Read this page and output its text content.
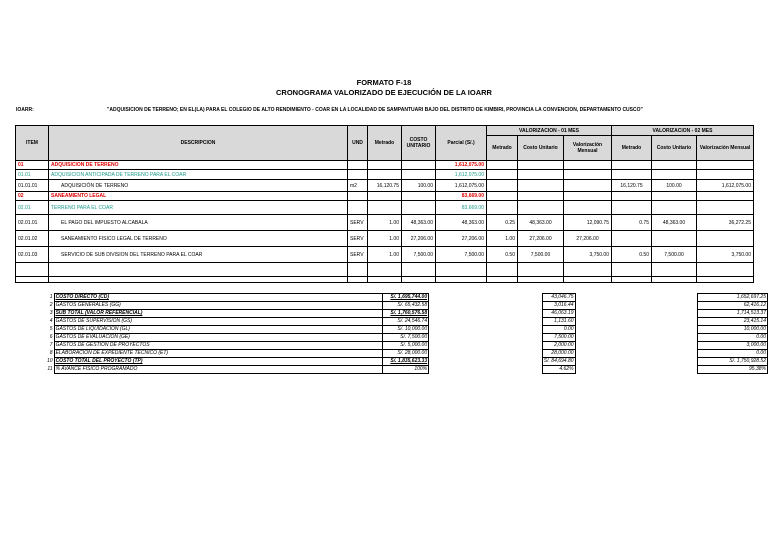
FORMATO F-18
CRONOGRAMA VALORIZADO DE EJECUCIÓN DE LA IOARR
IOARR:	"ADQUISICION DE TERRENO; EN EL(LA) PARA EL COLEGIO DE ALTO RENDIMIENTO - COAR EN LA LOCALIDAD DE SAMPANTUARI BAJO DEL DISTRITO DE KIMBIRI, PROVINCIA LA CONVENCION, DEPARTAMENTO CUSCO"
ITEM	DESCRIPCION	UND	Metrado	COSTO UNITARIO	Parcial (S/.)	VALORIZACION - 01 MES			VALORIZACION - 02 MES		
						Metrado	Costo Unitario	Valorización Mensual	Metrado	Costo Unitario	Valorización Mensual
01	ADQUISICION DE TERRENO				1,612,075.00						
01.01	ADQUISICION ANTICIPADA DE TERRENO PARA EL COAR				1,612,075.00						
01.01.01	ADQUISICIÓN DE TERRENO	m2	16,120.75	100.00	1,612,075.00				16,120.75	100.00	1,612,075.00
02	SANEAMIENTO LEGAL				83,669.00						
02.01	TERRENO PARA EL COAR				83,669.00						
02.01.01	EL PAGO DEL IMPUESTO ALCABALA	SERV	1.00	48,363.00	48,363.00	0.25	48,363.00	12,090.75	0.75	48,363.00	36,272.25
02.01.02	SANEAMIENTO FISICO LEGAL DE TERRENO	SERV	1.00	27,206.00	27,206.00	1.00	27,206.00	27,206.00			
02.01.03	SERVICIO DE SUB DIVISION DEL TERRENO PARA EL COAR	SERV	1.00	7,500.00	7,500.00	0.50	7,500.00	3,750.00	0.50	7,500.00	3,750.00

1	COSTO DIRECTO (CD)	S/. 1,695,744.00		43,046.75		1,652,697.25
2	GASTOS GENERALES (GG)	S/. 65,432.58		3,016.44		62,416.12
3	SUB TOTAL (VALOR REFERENCIAL)	S/. 1,760,576.58		46,063.19		1,714,513.37
4	GASTOS DE SUPERVISION (GS)	S/. 24,546.74		1,131.60		23,415.14
5	GASTOS DE LIQUIDACION (GL)	S/. 10,000.00		0.00		10,000.00
6	GASTOS DE EVALUACIÓN (GE)	S/. 7,500.00		7,500.00		0.00
7	GASTOS DE GESTIÓN DE PROYECTOS	S/. 5,000.00		2,000.00		3,000.00
8	ELABORACIÓN DE EXPEDIENTE TÉCNICO (ET)	S/. 28,000.00		28,000.00		0.00
10	COSTO TOTAL DEL PROYECTO (TP)	S/. 1,835,623.33		S/. 84,694.80		S/. 1,750,928.52
11	% AVANCE FISICO PROGRAMADO	100%		4.62%		95.38%
